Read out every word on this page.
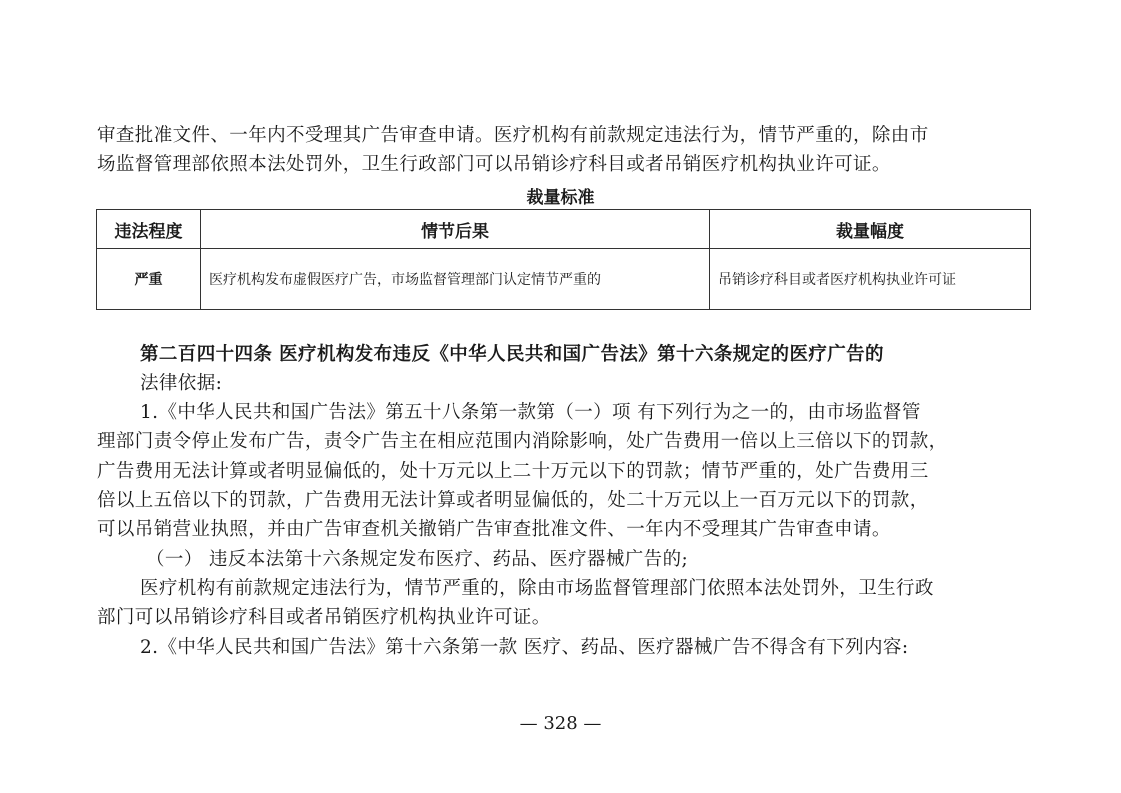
审查批准文件、一年内不受理其广告审查申请。医疗机构有前款规定违法行为，情节严重的，除由市
场监督管理部依照本法处罚外，卫生行政部门可以吊销诊疗科目或者吊销医疗机构执业许可证。
裁量标准
违法程度	情节后果	裁量幅度
严重	医疗机构发布虚假医疗广告，市场监督管理部门认定情节严重的	吊销诊疗科目或者医疗机构执业许可证
第二百四十四条 医疗机构发布违反《中华人民共和国广告法》第十六条规定的医疗广告的
法律依据:
1.《中华人民共和国广告法》第五十八条第一款第（一）项 有下列行为之一的，由市场监督管
理部门责令停止发布广告，责令广告主在相应范围内消除影响，处广告费用一倍以上三倍以下的罚款，
广告费用无法计算或者明显偏低的，处十万元以上二十万元以下的罚款；情节严重的，处广告费用三
倍以上五倍以下的罚款，广告费用无法计算或者明显偏低的，处二十万元以上一百万元以下的罚款，
可以吊销营业执照，并由广告审查机关撤销广告审查批准文件、一年内不受理其广告审查申请。
（一） 违反本法第十六条规定发布医疗、药品、医疗器械广告的;
医疗机构有前款规定违法行为，情节严重的，除由市场监督管理部门依照本法处罚外，卫生行政
部门可以吊销诊疗科目或者吊销医疗机构执业许可证。
2.《中华人民共和国广告法》第十六条第一款 医疗、药品、医疗器械广告不得含有下列内容:
— 328 —
